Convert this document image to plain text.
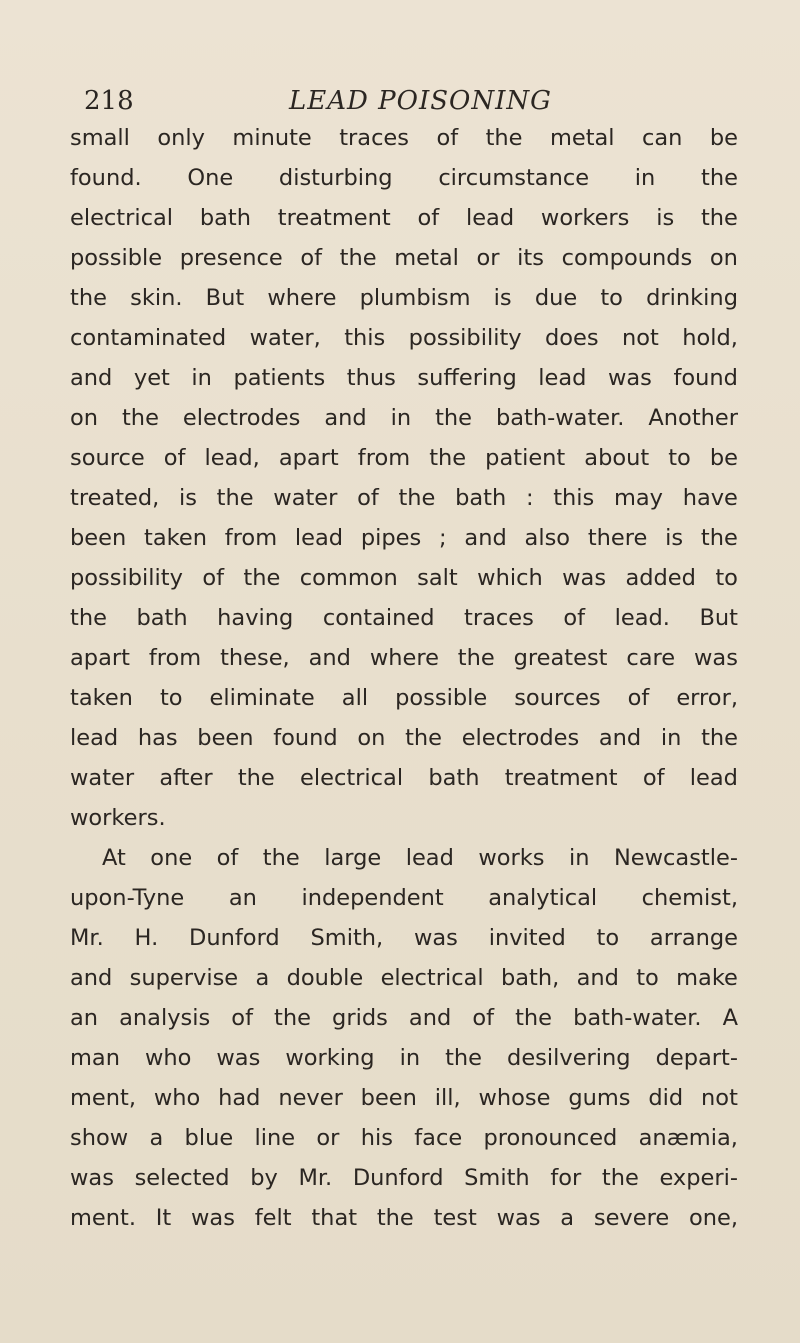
218	LEAD POISONING
small only minute traces of the metal can be
found. One disturbing circumstance in the
electrical bath treatment of lead workers is the
possible presence of the metal or its compounds on
the skin. But where plumbism is due to drinking
contaminated water, this possibility does not hold,
and yet in patients thus suffering lead was found
on the electrodes and in the bath-water. Another
source of lead, apart from the patient about to be
treated, is the water of the bath : this may have
been taken from lead pipes ; and also there is the
possibility of the common salt which was added to
the bath having contained traces of lead. But
apart from these, and where the greatest care was
taken to eliminate all possible sources of error,
lead has been found on the electrodes and in the
water after the electrical bath treatment of lead
workers.
At one of the large lead works in Newcastle-
upon-Tyne an independent analytical chemist,
Mr. H. Dunford Smith, was invited to arrange
and supervise a double electrical bath, and to make
an analysis of the grids and of the bath-water. A
man who was working in the desilvering depart-
ment, who had never been ill, whose gums did not
show a blue line or his face pronounced anæmia,
was selected by Mr. Dunford Smith for the experi-
ment. It was felt that the test was a severe one,
